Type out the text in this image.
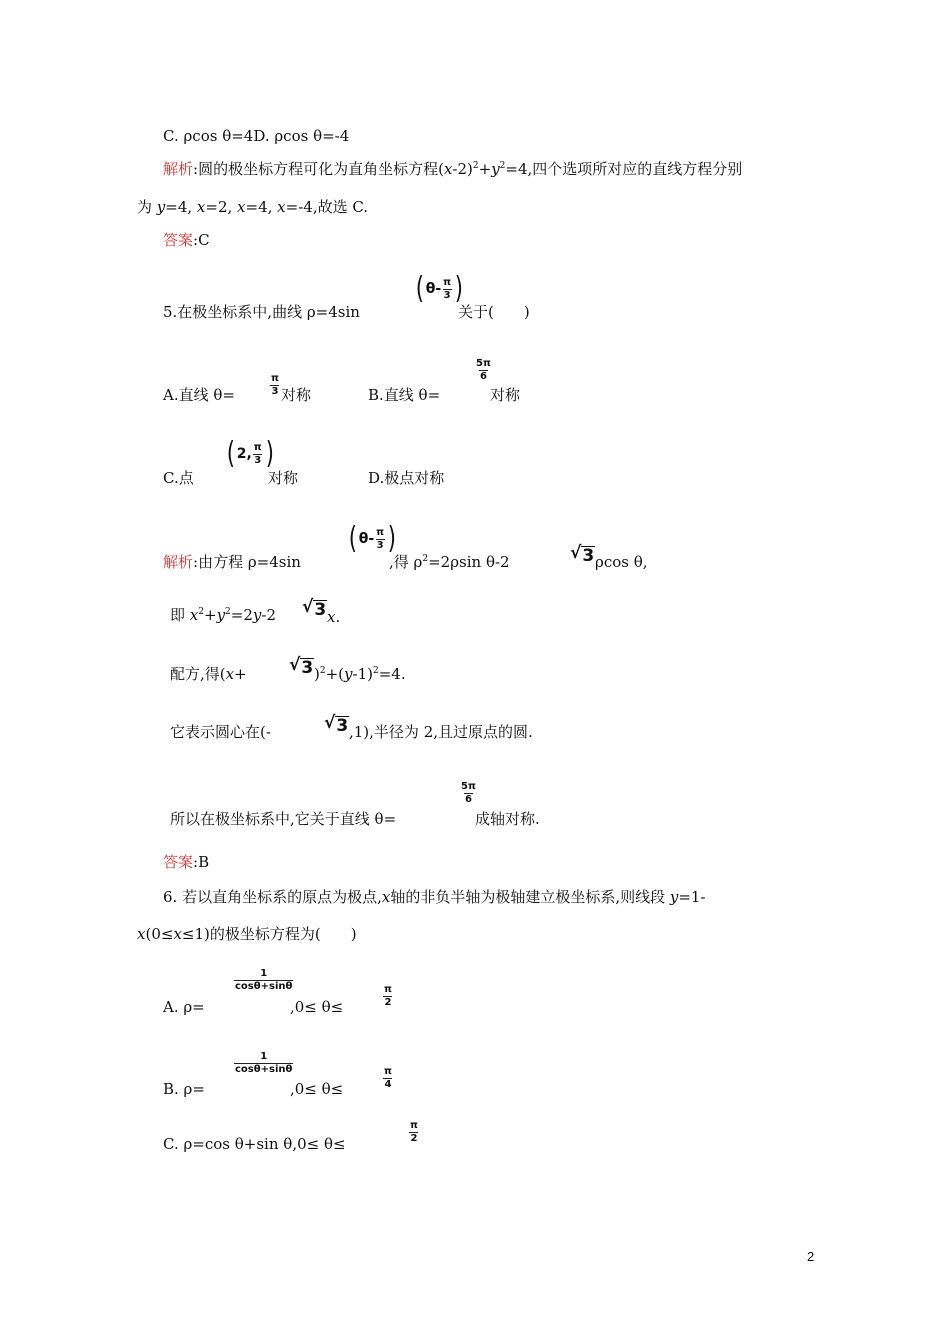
C. ρcos θ=4D. ρcos θ=-4
解析:圆的极坐标方程可化为直角坐标方程$(x-2)^2+y^2=4$,四个选项所对应的直线方程分别
为 y=4, x=2, x=4, x=-4,故选 C.
答案:C
5.在极坐标系中,曲线 ρ=4sin
( $\theta- \frac{\pi}{3}$ )
关于(　　)
A.直线 θ=	$\frac{\pi}{3}$ 对称	B.直线 θ=
$\frac{5\pi}{6}$
对称
C.点
( 2, $\frac{\pi}{3}$ )
对称	D.极点对称
解析:由方程 ρ=4sin
( $\theta- \frac{\pi}{3}$ )
,得 $\rho^2=2\rho\sin$ θ-2	√ 3 ρcos θ,
即 $x^2+y^2=2y-2$ √ 3 x.
配方,得(x+ √ 3 )$^2+(y-1)^2=4$.
它表示圆心在(-	√ 3 ,1),半径为 2,且过原点的圆.
所以在极坐标系中,它关于直线 θ=
$\frac{5\pi}{6}$
成轴对称.
答案:B
6. 若以直角坐标系的原点为极点,x轴的非负半轴为极轴建立极坐标系,则线段 y=1-
x(0≤x≤1)的极坐标方程为(　　)
A. ρ=
$\frac{1}{\cos\theta+\sin\theta}$
,0≤ θ≤	$\frac{\pi}{2}$
B. ρ=
$\frac{1}{\cos\theta+\sin\theta}$
,0≤ θ≤	$\frac{\pi}{4}$
C. ρ=cos θ+sin θ,0≤ θ≤	$\frac{\pi}{2}$
2
